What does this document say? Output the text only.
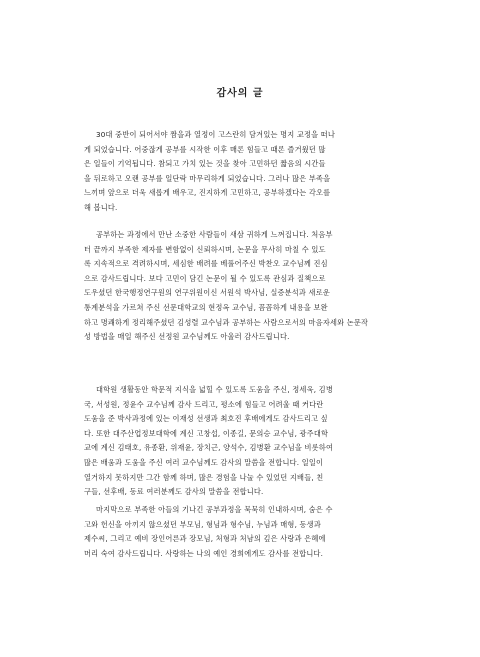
감사의 글
30대 중반이 되어서야 짬을과 열정이 고스란히 담겨있는 명지 교정을 떠나
게 되었습니다. 어중잖게 공부를 시작한 이후 매론 힘들고 때론 즐거웠던 많
은 일들이 기억됩니다. 참되고 가치 있는 것을 찾아 고민하던 짧음의 시간들
을 뒤로하고 오랜 공부를 일단락 마무리하게 되었습니다. 그러나 많은 부족을
느끼며 앞으로 더욱 새롭게 배우고, 진지하게 고민하고, 공부하겠다는 각오를
해 봅니다.
공부하는 과정에서 만난 소중한 사람들이 새삼 귀하게 느껴집니다. 처음부
터 끝까지 부족한 제자를 변함없이 신뢰하시며, 논문을 무사히 마칠 수 있도
록 지속적으로 격려하시며, 세심한 배려를 베풀어주신 박찬오 교수님께 진심
으로 감사드립니다. 보다 고민이 담긴 논문이 될 수 있도록 관심과 질책으로
도우셨던 한국행정연구원의 연구위원이신 서원석 박사님, 실증분석과 새로운
통계분석을 가르쳐 주신 선문대학교의 현정옥 교수님, 꼼꼼하게 내용을 보완
하고 명쾌하게 정리해주셨던 김성렬 교수님과 공부하는 사람으로서의 마음자세와 논문작
성 방법을 매일 해주신 선정원 교수님께도 아울러 감사드립니다.
대학원 생활동안 학문적 지식을 넓힐 수 있도록 도움을 주신, 정세욱, 김병
국, 서성원, 정윤수 교수님께 감사 드리고, 평소에 힘들고 어려울 때 커다란
도움을 준 박사과정에 있는 이재성 선생과 최호진 후배에게도 감사드리고 싶
다. 또한 대주산업정보대학에 계신 고창섭, 이종길, 문의승 교수님, 광주대학
교에 계신 김태호, 유종환, 위재윤, 장치근, 양석수, 김병환 교수님을 비롯하여
많은 배움과 도움을 주신 여러 교수님께도 감사의 말씀을 전합니다. 일일이
열거하지 못하지만 그간 함께 하며, 많은 경험을 나눌 수 있었던 지배들, 친
구들, 선후배, 동료 여러분께도 감사의 말씀을 전합니다.
마지막으로 부족한 아들의 기나긴 공부과정을 묵묵히 인내하시며, 숨은 수
고와 헌신을 아끼지 않으셨던 부모님, 형님과 형수님, 누님과 매형, 동생과
제수씨, 그리고 예비 장인어른과 장모님, 처형과 처남의 깊은 사랑과 은혜에
머리 숙여 감사드립니다. 사랑하는 나의 예인 경희에게도 감사를 전합니다.
